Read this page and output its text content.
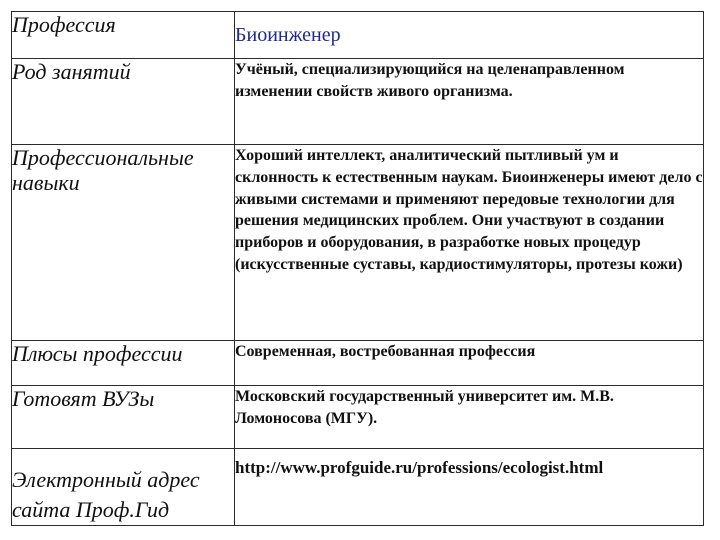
Профессия	Биоинженер
Род занятий	Учёный, специализирующийся на целенаправленном изменении свойств живого организма.
Профессиональные навыки	Хороший интеллект, аналитический пытливый ум и склонность к естественным наукам. Биоинженеры имеют дело с живыми системами и применяют передовые технологии для решения медицинских проблем. Они участвуют в создании приборов и оборудования, в разработке новых процедур (искусственные суставы, кардиостимуляторы, протезы кожи)
Плюсы профессии	Современная, востребованная профессия
Готовят ВУЗы	Московский государственный университет им. М.В. Ломоносова (МГУ).
Электронный адрес сайта Проф.Гид	http://www.profguide.ru/professions/ecologist.html
